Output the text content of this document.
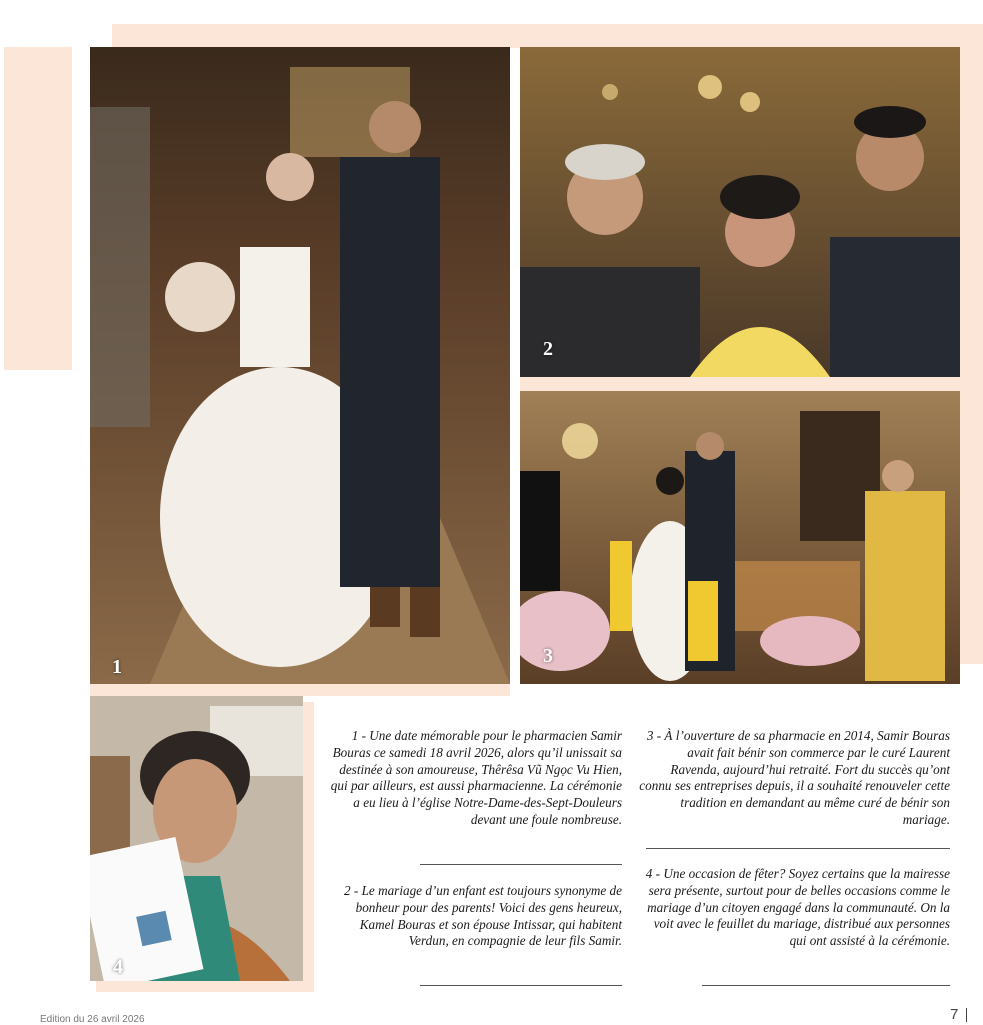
1
2
3
4
1 - Une date mémorable pour le pharmacien Samir Bouras ce samedi 18 avril 2026, alors qu’il unissait sa destinée à son amoureuse, Thêrêsa Vũ Ngọc Vu Hien, qui par ailleurs, est aussi pharmacienne. La cérémonie a eu lieu à l’église Notre-Dame-des-Sept-Douleurs devant une foule nombreuse.
2 - Le mariage d’un enfant est toujours synonyme de bonheur pour des parents! Voici des gens heureux, Kamel Bouras et son épouse Intissar, qui habitent Verdun, en compagnie de leur fils Samir.
3 - À l’ouverture de sa pharmacie en 2014, Samir Bouras avait fait bénir son commerce par le curé Laurent Ravenda, aujourd’hui retraité. Fort du succès qu’ont connu ses entreprises depuis, il a souhaité renouveler cette tradition en demandant au même curé de bénir son mariage.
4 - Une occasion de fêter? Soyez certains que la mairesse sera présente, surtout pour de belles occasions comme le mariage d’un citoyen engagé dans la communauté. On la voit avec le feuillet du mariage, distribué aux personnes qui ont assisté à la cérémonie.
Edition du 26 avril 2026	7
